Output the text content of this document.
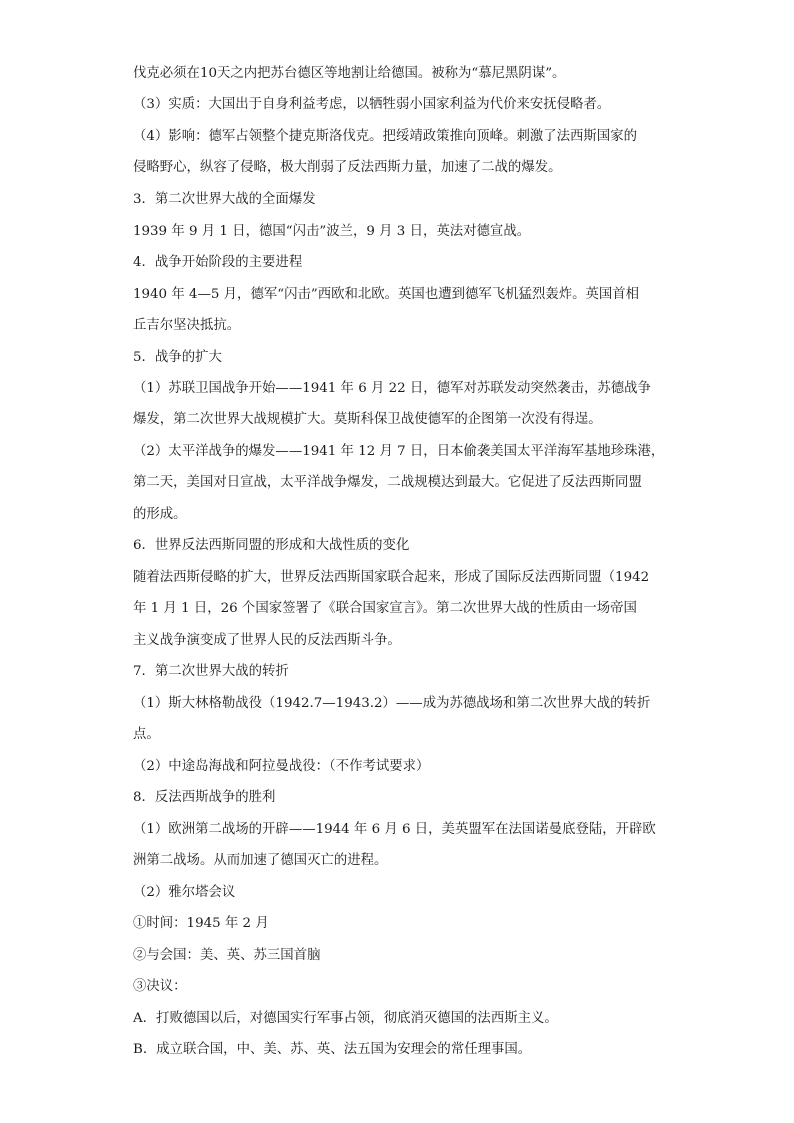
伐克必须在10天之内把苏台德区等地割让给德国。被称为“慕尼黑阴谋”。
（3）实质：大国出于自身利益考虑，以牺牲弱小国家利益为代价来安抚侵略者。
（4）影响：德军占领整个捷克斯洛伐克。把绥靖政策推向顶峰。刺激了法西斯国家的
侵略野心，纵容了侵略，极大削弱了反法西斯力量，加速了二战的爆发。
3．第二次世界大战的全面爆发
1939 年 9 月 1 日，德国“闪击”波兰，9 月 3 日，英法对德宣战。
4．战争开始阶段的主要进程
1940 年 4—5 月，德军“闪击”西欧和北欧。英国也遭到德军飞机猛烈轰炸。英国首相
丘吉尔坚决抵抗。
5．战争的扩大
（1）苏联卫国战争开始——1941 年 6 月 22 日，德军对苏联发动突然袭击，苏德战争
爆发，第二次世界大战规模扩大。莫斯科保卫战使德军的企图第一次没有得逞。
（2）太平洋战争的爆发——1941 年 12 月 7 日，日本偷袭美国太平洋海军基地珍珠港，
第二天，美国对日宣战，太平洋战争爆发，二战规模达到最大。它促进了反法西斯同盟
的形成。
6．世界反法西斯同盟的形成和大战性质的变化
随着法西斯侵略的扩大，世界反法西斯国家联合起来，形成了国际反法西斯同盟（1942
年 1 月 1 日，26 个国家签署了《联合国家宣言》。第二次世界大战的性质由一场帝国
主义战争演变成了世界人民的反法西斯斗争。
7．第二次世界大战的转折
（1）斯大林格勒战役（1942.7—1943.2）——成为苏德战场和第二次世界大战的转折
点。
（2）中途岛海战和阿拉曼战役：（不作考试要求）
8．反法西斯战争的胜利
（1）欧洲第二战场的开辟——1944 年 6 月 6 日，美英盟军在法国诺曼底登陆，开辟欧
洲第二战场。从而加速了德国灭亡的进程。
（2）雅尔塔会议
①时间：1945 年 2 月
②与会国：美、英、苏三国首脑
③决议：
A．打败德国以后，对德国实行军事占领，彻底消灭德国的法西斯主义。
B．成立联合国，中、美、苏、英、法五国为安理会的常任理事国。
